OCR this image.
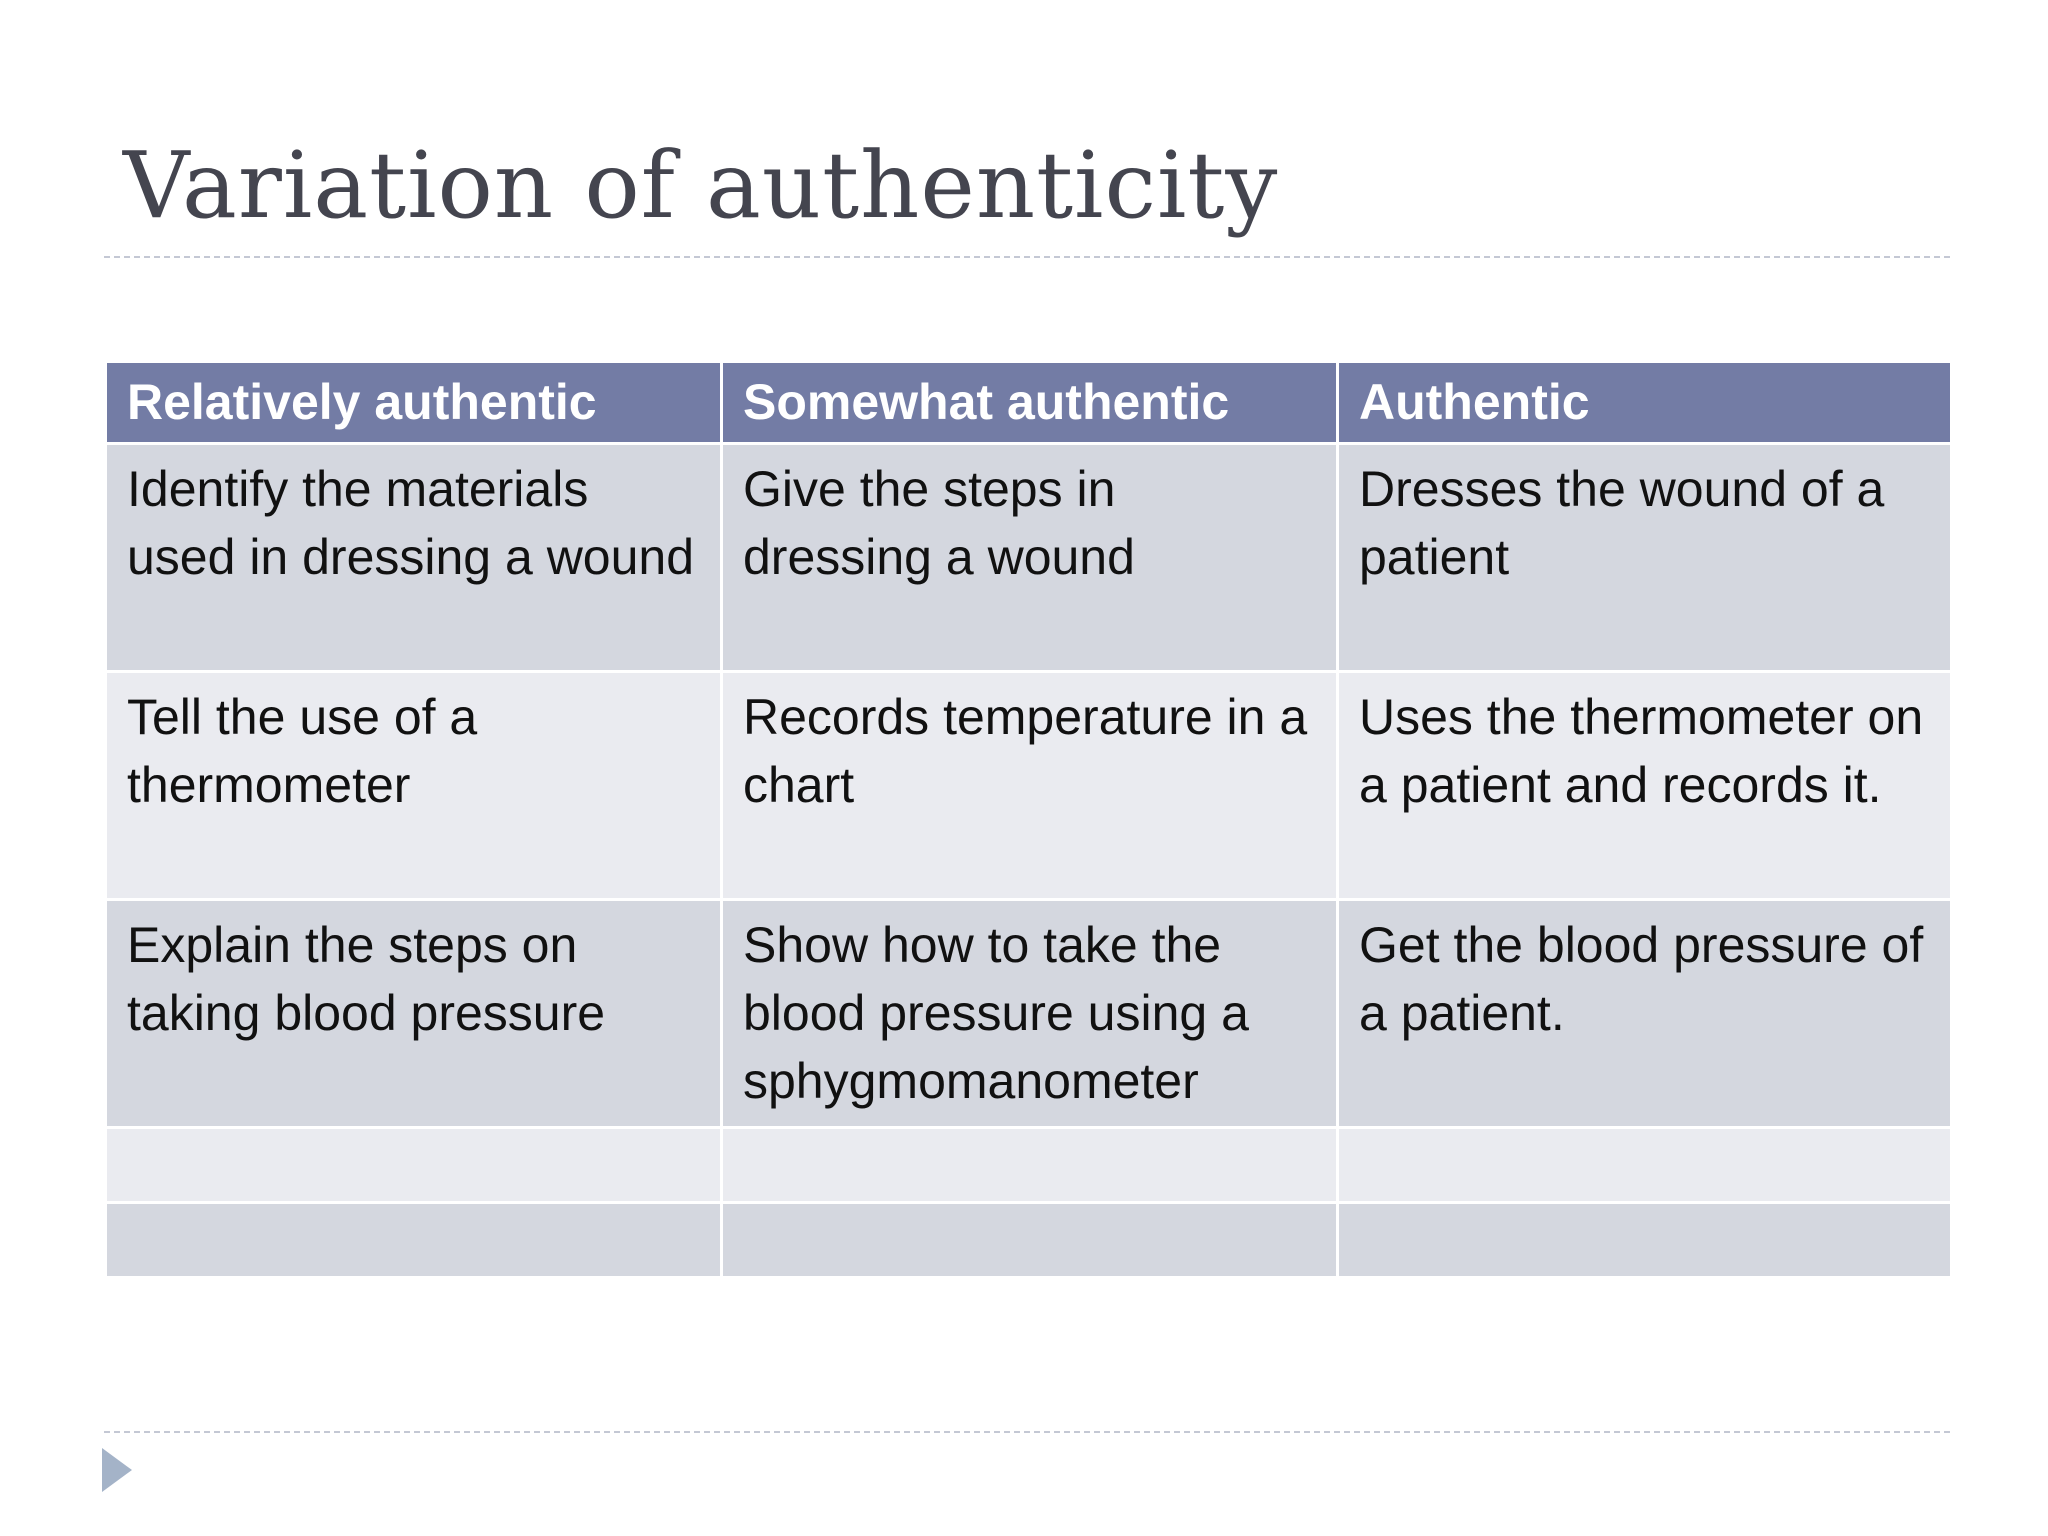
Variation of authenticity
Relatively authentic	Somewhat authentic	Authentic
Identify the materials used in dressing a wound	Give the steps in dressing a wound	Dresses the wound of a patient
Tell the use of a thermometer	Records temperature in a chart	Uses the thermometer on a patient and records it.
Explain the steps on taking blood pressure	Show how to take the blood pressure using a sphygmomanometer	Get the blood pressure of a patient.
